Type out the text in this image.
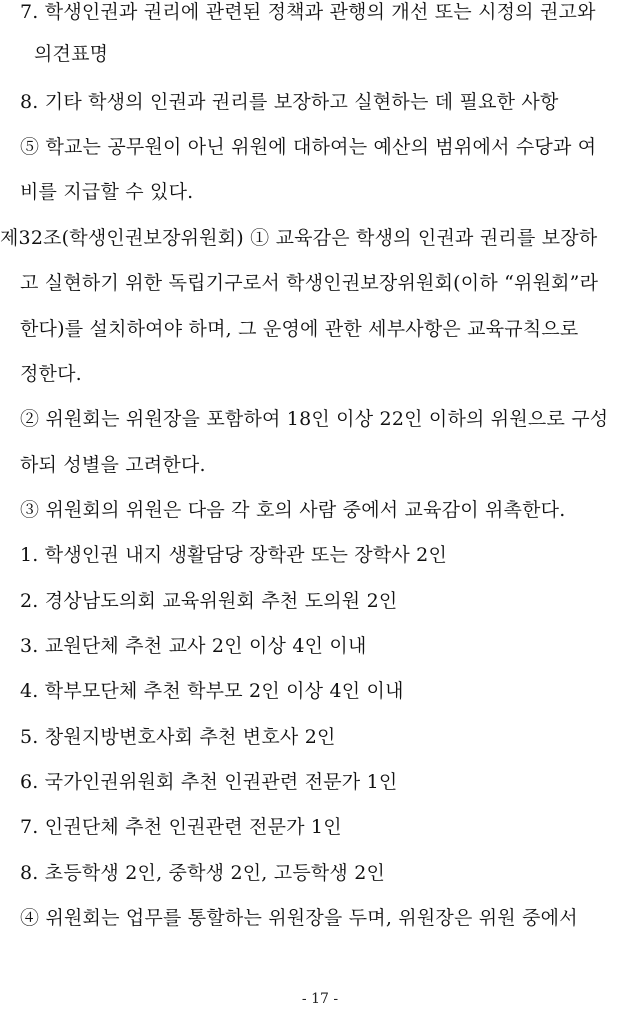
7. 학생인권과 권리에 관련된 정책과 관행의 개선 또는 시정의 권고와
의견표명
8. 기타 학생의 인권과 권리를 보장하고 실현하는 데 필요한 사항
⑤ 학교는 공무원이 아닌 위원에 대하여는 예산의 범위에서 수당과 여
비를 지급할 수 있다.
제32조(학생인권보장위원회) ① 교육감은 학생의 인권과 권리를 보장하
고 실현하기 위한 독립기구로서 학생인권보장위원회(이하 “위원회”라
한다)를 설치하여야 하며, 그 운영에 관한 세부사항은 교육규칙으로
정한다.
② 위원회는 위원장을 포함하여 18인 이상 22인 이하의 위원으로 구성
하되 성별을 고려한다.
③ 위원회의 위원은 다음 각 호의 사람 중에서 교육감이 위촉한다.
1. 학생인권 내지 생활담당 장학관 또는 장학사 2인
2. 경상남도의회 교육위원회 추천 도의원 2인
3. 교원단체 추천 교사 2인 이상 4인 이내
4. 학부모단체 추천 학부모 2인 이상 4인 이내
5. 창원지방변호사회 추천 변호사 2인
6. 국가인권위원회 추천 인권관련 전문가 1인
7. 인권단체 추천 인권관련 전문가 1인
8. 초등학생 2인, 중학생 2인, 고등학생 2인
④ 위원회는 업무를 통할하는 위원장을 두며, 위원장은 위원 중에서
- 17 -
